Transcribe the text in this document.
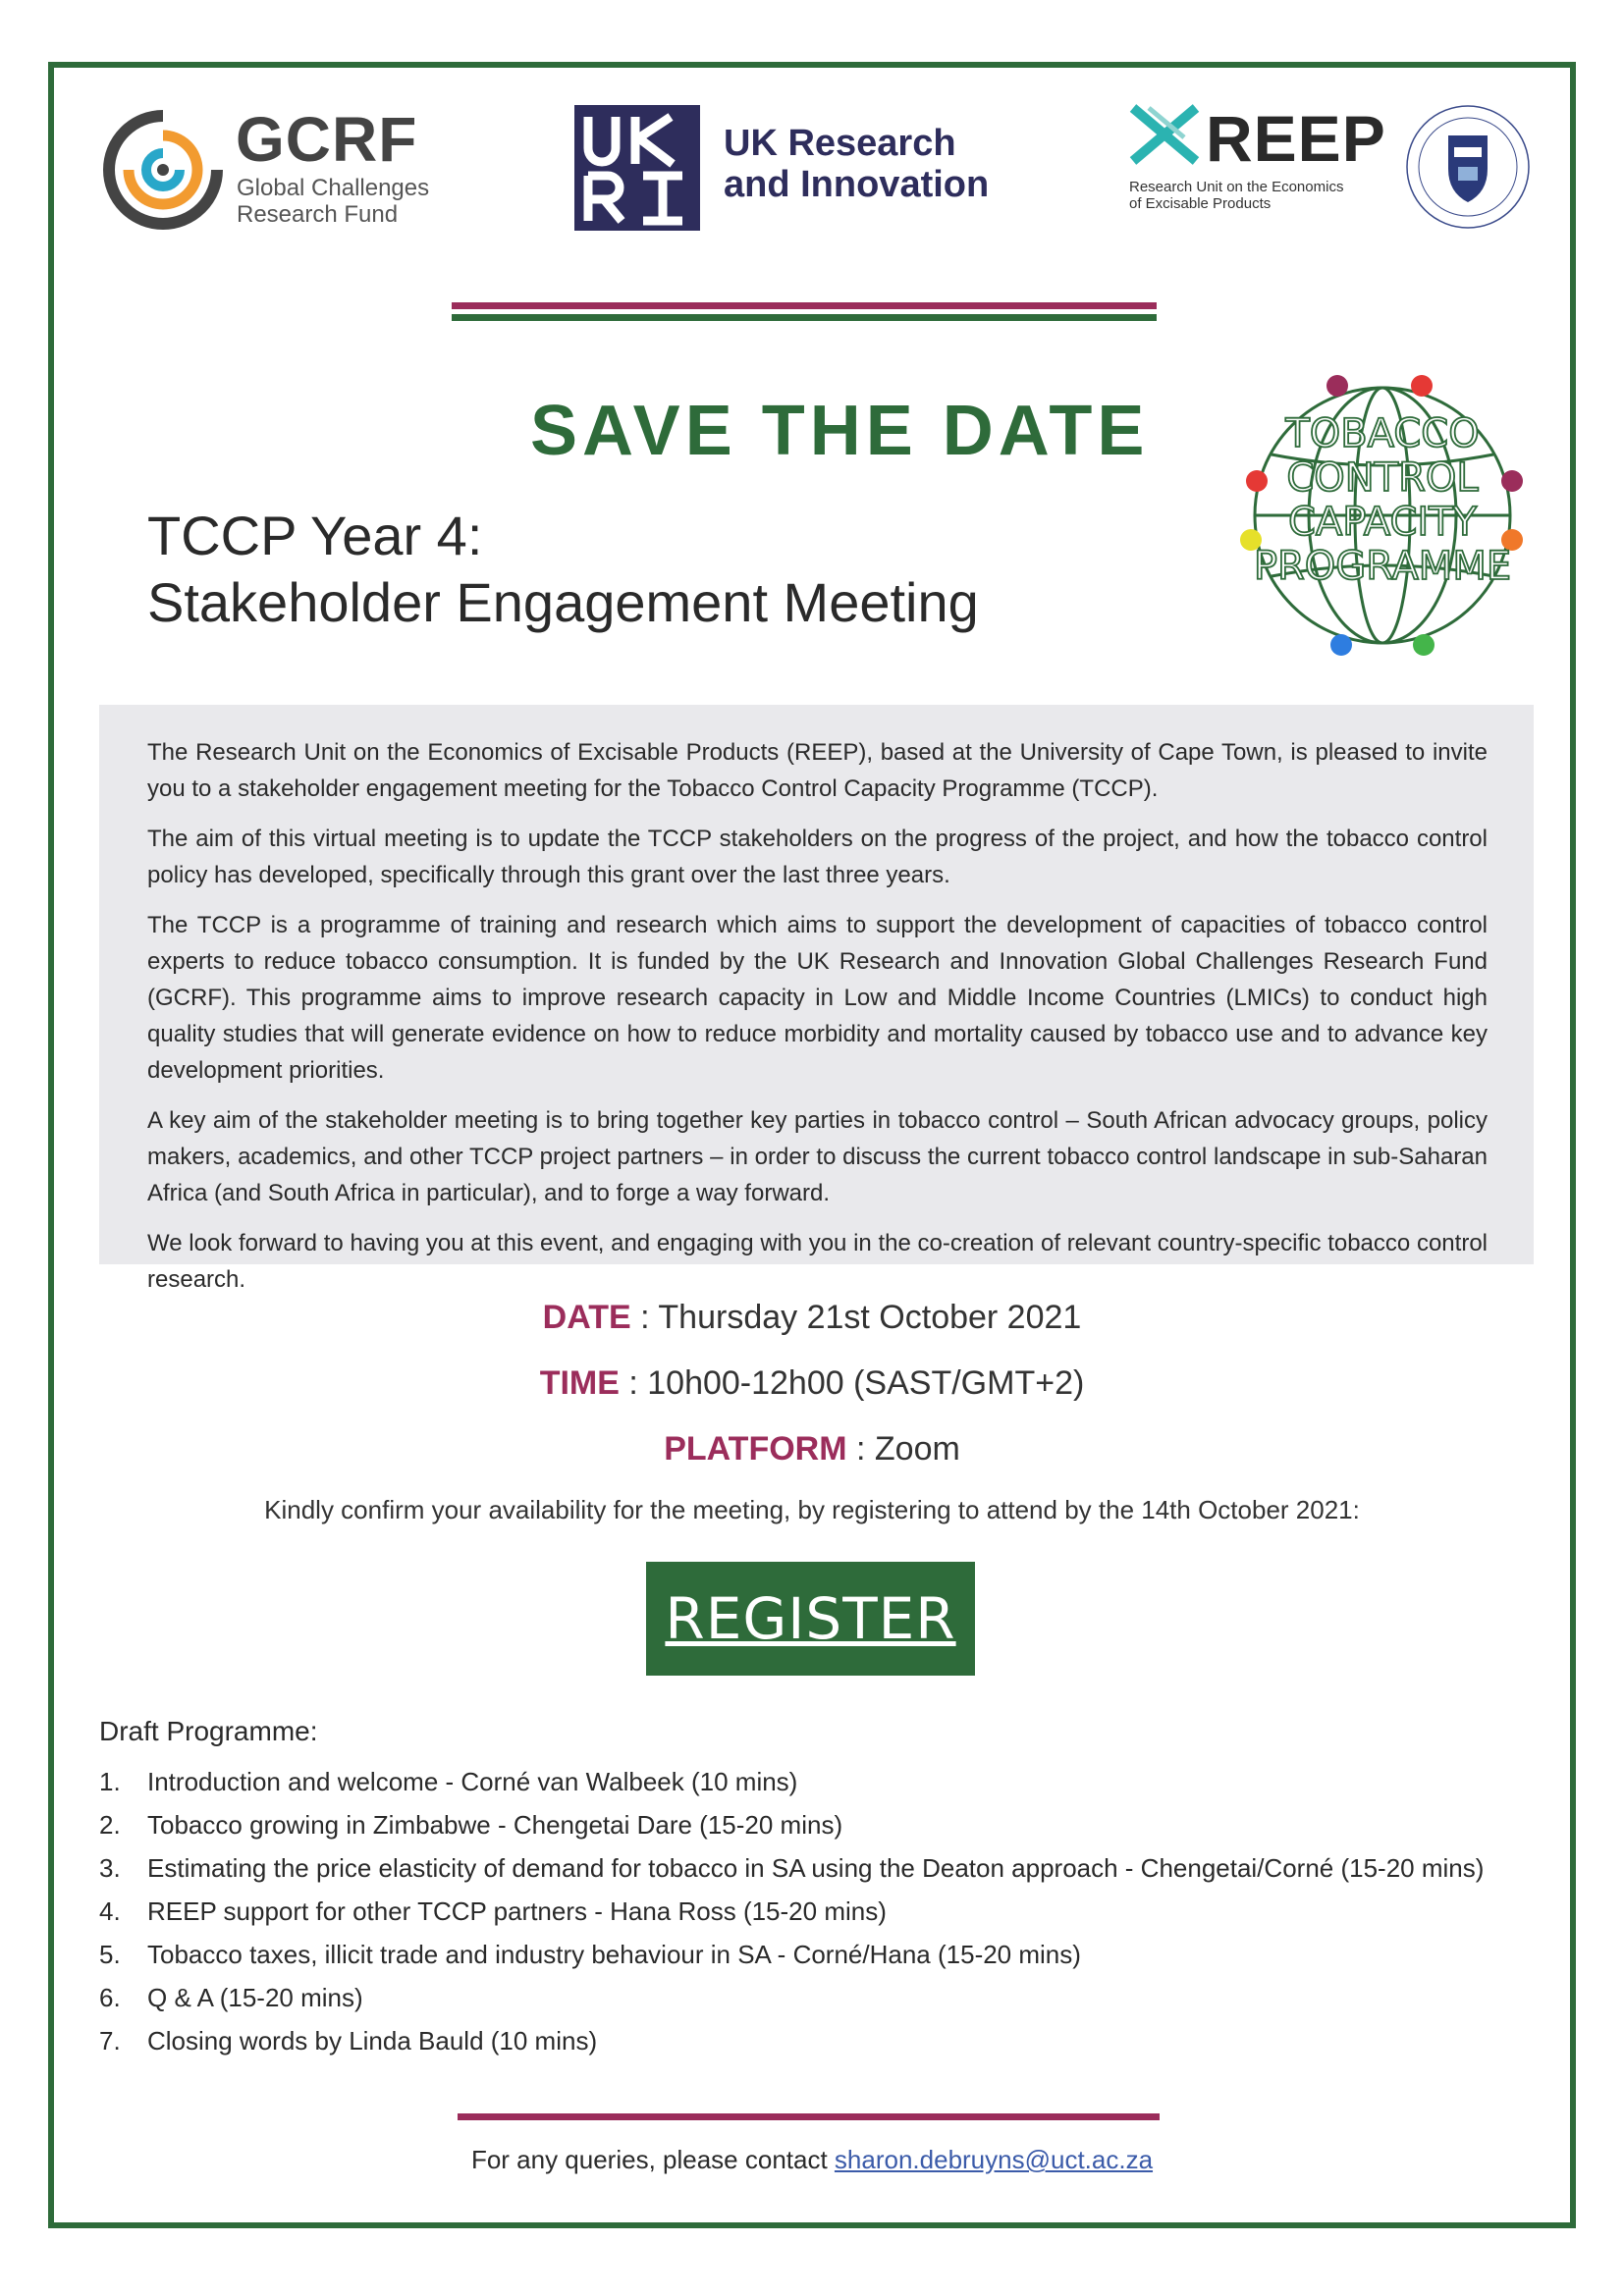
GCRF
Global Challenges
Research Fund
UK Research
and Innovation
REEP
Research Unit on the Economics
of Excisable Products
SAVE THE DATE
TCCP Year 4:
Stakeholder Engagement Meeting
TOBACCO
CONTROL
CAPACITY
PROGRAMME

The Research Unit on the Economics of Excisable Products (REEP), based at the University of Cape Town, is pleased to invite you to a stakeholder engagement meeting for the Tobacco Control Capacity Programme (TCCP).

The aim of this virtual meeting is to update the TCCP stakeholders on the progress of the project, and how the tobacco control policy has developed, specifically through this grant over the last three years.

The TCCP is a programme of training and research which aims to support the development of capacities of tobacco control experts to reduce tobacco consumption. It is funded by the UK Research and Innovation Global Challenges Research Fund (GCRF). This programme aims to improve research capacity in Low and Middle Income Countries (LMICs) to conduct high quality studies that will generate evidence on how to reduce morbidity and mortality caused by tobacco use and to advance key development priorities.

A key aim of the stakeholder meeting is to bring together key parties in tobacco control – South African advocacy groups, policy makers, academics, and other TCCP project partners – in order to discuss the current tobacco control landscape in sub-Saharan Africa (and South Africa in particular), and to forge a way forward.

We look forward to having you at this event, and engaging with you in the co-creation of relevant country-specific tobacco control research.

DATE : Thursday 21st October 2021
TIME : 10h00-12h00 (SAST/GMT+2)
PLATFORM : Zoom
Kindly confirm your availability for the meeting, by registering to attend by the 14th October 2021:
REGISTER
Draft Programme:
1.	Introduction and welcome - Corné van Walbeek (10 mins)
2.	Tobacco growing in Zimbabwe - Chengetai Dare (15-20 mins)
3.	Estimating the price elasticity of demand for tobacco in SA using the Deaton approach - Chengetai/Corné (15-20 mins)
4.	REEP support for other TCCP partners - Hana Ross (15-20 mins)
5.	Tobacco taxes, illicit trade and industry behaviour in SA - Corné/Hana (15-20 mins)
6.	Q & A (15-20 mins)
7.	Closing words by Linda Bauld (10 mins)
For any queries, please contact sharon.debruyns@uct.ac.za
